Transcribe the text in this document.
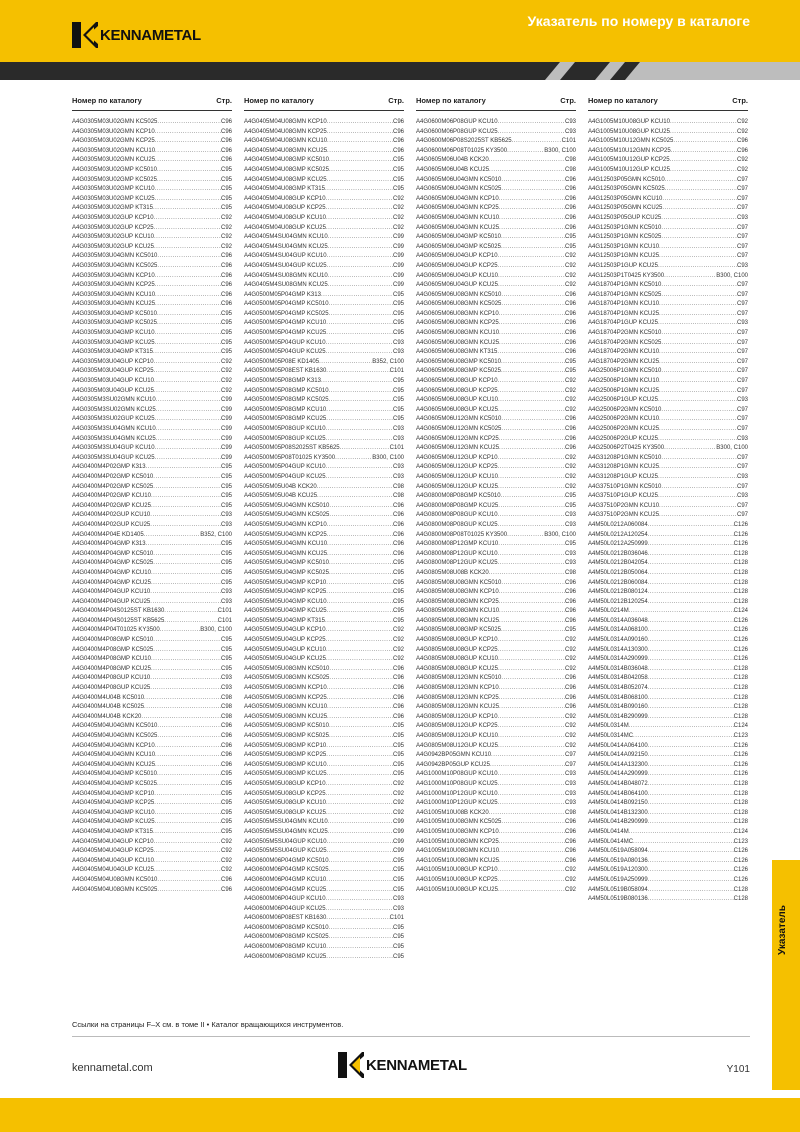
KENNAMETAL
Указатель по номеру в каталоге
Номер по каталогу	Стр.
A4G0305M03U02GMN KC5025 .....	C96
A4G0305M03U02GMN KCP10 .....	C96
A4G0305M03U02GMN KCP25 .....	C96
A4G0305M03U02GMN KCU10 .....	C96
A4G0305M03U02GMN KCU25 .....	C96
A4G0305M03U02GMP KC5010 .....	C95
A4G0305M03U02GMP KC5025 .....	C95
A4G0305M03U02GMP KCU10 .....	C95
A4G0305M03U02GMP KCU25 .....	C95
A4G0305M03U02GMP KT315 .....	C95
A4G0305M03U02GUP KCP10 .....	C92
A4G0305M03U02GUP KCP25 .....	C92
A4G0305M03U02GUP KCU10 .....	C92
A4G0305M03U02GUP KCU25 .....	C92
A4G0305M03U04GMN KC5010 .....	C96
A4G0305M03U04GMN KC5025 .....	C96
A4G0305M03U04GMN KCP10 .....	C96
A4G0305M03U04GMN KCP25 .....	C96
A4G0305M03U04GMN KCU10 .....	C96
A4G0305M03U04GMN KCU25 .....	C96
A4G0305M03U04GMP KC5010 .....	C95
A4G0305M03U04GMP KC5025 .....	C95
A4G0305M03U04GMP KCU10 .....	C95
A4G0305M03U04GMP KCU25 .....	C95
A4G0305M03U04GMP KT315 .....	C95
A4G0305M03U04GUP KCP10 .....	C92
A4G0305M03U04GUP KCP25 .....	C92
A4G0305M03U04GUP KCU10 .....	C92
A4G0305M03U04GUP KCU25 .....	C92
A4G0305M3SU02GMN KCU10 .....	C99
A4G0305M3SU02GMN KCU25 .....	C99
A4G0305M3SU02GUP KCU25 .....	C99
A4G0305M3SU04GMN KCU10 .....	C99
A4G0305M3SU04GMN KCU25 .....	C99
A4G0305M3SU04GUP KCU10 .....	C99
A4G0305M3SU04GUP KCU25 .....	C99
A4G0400M4P02GMP K313 .....	C95
A4G0400M4P02GMP KC5010 .....	C95
A4G0400M4P02GMP KC5025 .....	C95
A4G0400M4P02GMP KCU10 .....	C95
A4G0400M4P02GMP KCU25 .....	C95
A4G0400M4P02GUP KCU10 .....	C93
A4G0400M4P02GUP KCU25 .....	C93
A4G0400M4P04E KD1405 .....	B352, C100
A4G0400M4P04GMP K313 .....	C95
A4G0400M4P04GMP KC5010 .....	C95
A4G0400M4P04GMP KC5025 .....	C95
A4G0400M4P04GMP KCU10 .....	C95
A4G0400M4P04GMP KCU25 .....	C95
A4G0400M4P04GUP KCU10 .....	C93
A4G0400M4P04GUP KCU25 .....	C93
A4G0400M4P04S0125ST KB1630 .....	C101
A4G0400M4P04S0125ST KB5625 .....	C101
A4G0400M4P04T01025 KY3500 .....	B300, C100
A4G0400M4P08GMP KC5010 .....	C95
A4G0400M4P08GMP KC5025 .....	C95
A4G0400M4P08GMP KCU10 .....	C95
A4G0400M4P08GMP KCU25 .....	C95
A4G0400M4P08GUP KCU10 .....	C93
A4G0400M4P08GUP KCU25 .....	C93
A4G0400M4U04B KC5010 .....	C98
A4G0400M4U04B KC5025 .....	C98
A4G0400M4U04B KCK20 .....	C98
A4G0405M04U04GMN KC5010 .....	C96
A4G0405M04U04GMN KC5025 .....	C96
A4G0405M04U04GMN KCP10 .....	C96
A4G0405M04U04GMN KCU10 .....	C96
A4G0405M04U04GMN KCU25 .....	C96
A4G0405M04U04GMP KC5010 .....	C95
A4G0405M04U04GMP KC5025 .....	C95
A4G0405M04U04GMP KCP10 .....	C95
A4G0405M04U04GMP KCP25 .....	C95
A4G0405M04U04GMP KCU10 .....	C95
A4G0405M04U04GMP KCU25 .....	C95
A4G0405M04U04GMP KT315 .....	C95
A4G0405M04U04GUP KCP10 .....	C92
A4G0405M04U04GUP KCP25 .....	C92
A4G0405M04U04GUP KCU10 .....	C92
A4G0405M04U04GUP KCU25 .....	C92
A4G0405M04U08GMN KC5010 .....	C96
A4G0405M04U08GMN KC5025 .....	C96
Номер по каталогу	Стр.
A4G0405M04U08GMN KCP10 .....	C96
A4G0405M04U08GMN KCP25 .....	C96
A4G0405M04U08GMN KCU10 .....	C96
A4G0405M04U08GMN KCU25 .....	C96
A4G0405M04U08GMP KC5010 .....	C95
A4G0405M04U08GMP KC5025 .....	C95
A4G0405M04U08GMP KCU25 .....	C95
A4G0405M04U08GMP KT315 .....	C95
A4G0405M04U08GUP KCP10 .....	C92
A4G0405M04U08GUP KCP25 .....	C92
A4G0405M04U08GUP KCU10 .....	C92
A4G0405M04U08GUP KCU25 .....	C92
A4G0405M4SU04GMN KCU10 .....	C99
A4G0405M4SU04GMN KCU25 .....	C99
A4G0405M4SU04GUP KCU10 .....	C99
A4G0405M4SU04GUP KCU25 .....	C99
A4G0405M4SU08GMN KCU10 .....	C99
A4G0405M4SU08GMN KCU25 .....	C99
A4G0500M05P04GMP K313 .....	C95
A4G0500M05P04GMP KC5010 .....	C95
A4G0500M05P04GMP KC5025 .....	C95
A4G0500M05P04GMP KCU10 .....	C95
A4G0500M05P04GMP KCU25 .....	C95
A4G0500M05P04GUP KCU10 .....	C93
A4G0500M05P04GUP KCU25 .....	C93
A4G0500M05P08E KD1405 .....	B352, C100
A4G0500M05P08EST KB1630 .....	C101
A4G0500M05P08GMP K313 .....	C95
A4G0500M05P08GMP KC5010 .....	C95
A4G0500M05P08GMP KC5025 .....	C95
A4G0500M05P08GMP KCU10 .....	C95
A4G0500M05P08GMP KCU25 .....	C95
A4G0500M05P08GUP KCU10 .....	C93
A4G0500M05P08GUP KCU25 .....	C93
A4G0500M05P08S2025ST KB5625 .....	C101
A4G0500M05P08T01025 KY3500 .....	B300, C100
A4G0500M05P04GUP KCU10 .....	C93
A4G0500M05P04GUP KCU25 .....	C93
A4G0505M05U04B KCK20 .....	C98
A4G0505M05U04B KCU25 .....	C98
A4G0505M05U04GMN KC5010 .....	C96
A4G0505M05U04GMN KC5025 .....	C96
A4G0505M05U04GMN KCP10 .....	C96
A4G0505M05U04GMN KCP25 .....	C96
A4G0505M05U04GMN KCU10 .....	C96
A4G0505M05U04GMN KCU25 .....	C96
A4G0505M05U04GMP KC5010 .....	C95
A4G0505M05U04GMP KC5025 .....	C95
A4G0505M05U04GMP KCP10 .....	C95
A4G0505M05U04GMP KCP25 .....	C95
A4G0505M05U04GMP KCU10 .....	C95
A4G0505M05U04GMP KCU25 .....	C95
A4G0505M05U04GMP KT315 .....	C95
A4G0505M05U04GUP KCP10 .....	C92
A4G0505M05U04GUP KCP25 .....	C92
A4G0505M05U04GUP KCU10 .....	C92
A4G0505M05U04GUP KCU25 .....	C92
A4G0505M05U08GMN KC5010 .....	C96
A4G0505M05U08GMN KC5025 .....	C96
A4G0505M05U08GMN KCP10 .....	C96
A4G0505M05U08GMN KCP25 .....	C96
A4G0505M05U08GMN KCU10 .....	C96
A4G0505M05U08GMN KCU25 .....	C96
A4G0505M05U08GMP KC5010 .....	C95
A4G0505M05U08GMP KC5025 .....	C95
A4G0505M05U08GMP KCP10 .....	C95
A4G0505M05U08GMP KCP25 .....	C95
A4G0505M05U08GMP KCU10 .....	C95
A4G0505M05U08GMP KCU25 .....	C95
A4G0505M05U08GUP KCP10 .....	C92
A4G0505M05U08GUP KCP25 .....	C92
A4G0505M05U08GUP KCU10 .....	C92
A4G0505M05U08GUP KCU25 .....	C92
A4G0505M5SU04GMN KCU10 .....	C99
A4G0505M5SU04GMN KCU25 .....	C99
A4G0505M5SU04GUP KCU10 .....	C99
A4G0505M5SU04GUP KCU25 .....	C99
A4G0600M06P04GMP KC5010 .....	C95
A4G0600M06P04GMP KC5025 .....	C95
A4G0600M06P04GMP KCU10 .....	C95
A4G0600M06P04GMP KCU25 .....	C95
A4G0600M06P04GUP KCU10 .....	C93
A4G0600M06P04GUP KCU25 .....	C93
A4G0600M06P08EST KB1630 .....	C101
A4G0600M06P08GMP KC5010 .....	C95
A4G0600M06P08GMP KC5025 .....	C95
A4G0600M06P08GMP KCU10 .....	C95
A4G0600M06P08GMP KCU25 .....	C95
Номер по каталогу	Стр.
A4G0600M06P08GUP KCU10 .....	C93
A4G0600M06P08GUP KCU25 .....	C93
A4G0600M06P08S2025ST KB5625 .....	C101
A4G0600M06P08T01025 KY3500 .....	B300, C100
A4G0605M06U04B KCK20 .....	C98
A4G0605M06U04B KCU25 .....	C98
A4G0605M06U04GMN KC5010 .....	C96
A4G0605M06U04GMN KC5025 .....	C96
A4G0605M06U04GMN KCP10 .....	C96
A4G0605M06U04GMN KCP25 .....	C96
A4G0605M06U04GMN KCU10 .....	C96
A4G0605M06U04GMN KCU25 .....	C96
A4G0605M06U04GMP KC5010 .....	C95
A4G0605M06U04GMP KC5025 .....	C95
A4G0605M06U04GUP KCP10 .....	C92
A4G0605M06U04GUP KCP25 .....	C92
A4G0605M06U04GUP KCU10 .....	C92
A4G0605M06U04GUP KCU25 .....	C92
A4G0605M06U08GMN KC5010 .....	C96
A4G0605M06U08GMN KC5025 .....	C96
A4G0605M06U08GMN KCP10 .....	C96
A4G0605M06U08GMN KCP25 .....	C96
A4G0605M06U08GMN KCU10 .....	C96
A4G0605M06U08GMN KCU25 .....	C96
A4G0605M06U08GMN KT315 .....	C96
A4G0605M06U08GMP KC5010 .....	C95
A4G0605M06U08GMP KC5025 .....	C95
A4G0605M06U08GUP KCP10 .....	C92
A4G0605M06U08GUP KCP25 .....	C92
A4G0605M06U08GUP KCU10 .....	C92
A4G0605M06U08GUP KCU25 .....	C92
A4G0605M06U12GMN KC5010 .....	C96
A4G0605M06U12GMN KC5025 .....	C96
A4G0605M06U12GMN KCP25 .....	C96
A4G0605M06U12GMN KCU25 .....	C96
A4G0605M06U12GUP KCP10 .....	C92
A4G0605M06U12GUP KCP25 .....	C92
A4G0605M06U12GUP KCU10 .....	C92
A4G0605M06U12GUP KCU25 .....	C92
A4G0800M08P08GMP KC5010 .....	C95
A4G0800M08P08GMP KCU25 .....	C95
A4G0800M08P08GUP KCU10 .....	C93
A4G0800M08P08GUP KCU25 .....	C93
A4G0800M08P08T01025 KY3500 .....	B300, C100
A4G0800M08P12GMP KCU10 .....	C95
A4G0800M08P12GUP KCU10 .....	C93
A4G0800M08P12GUP KCU25 .....	C93
A4G0805M08U08B KCK20 .....	C98
A4G0805M08U08GMN KC5010 .....	C96
A4G0805M08U08GMN KCP10 .....	C96
A4G0805M08U08GMN KCP25 .....	C96
A4G0805M08U08GMN KCU10 .....	C96
A4G0805M08U08GMN KCU25 .....	C96
A4G0805M08U08GMP KC5025 .....	C95
A4G0805M08U08GUP KCP10 .....	C92
A4G0805M08U08GUP KCP25 .....	C92
A4G0805M08U08GUP KCU10 .....	C92
A4G0805M08U08GUP KCU25 .....	C92
A4G0805M08U12GMN KC5010 .....	C96
A4G0805M08U12GMN KCP10 .....	C96
A4G0805M08U12GMN KCP25 .....	C96
A4G0805M08U12GMN KCU25 .....	C96
A4G0805M08U12GUP KCP10 .....	C92
A4G0805M08U12GUP KCP25 .....	C92
A4G0805M08U12GUP KCU10 .....	C92
A4G0805M08U12GUP KCU25 .....	C92
A4G0942BP05GMN KCU10 .....	C97
A4G0942BP05GUP KCU25 .....	C97
A4G1000M10P08GUP KCU10 .....	C93
A4G1000M10P08GUP KCU25 .....	C93
A4G1000M10P12GUP KCU10 .....	C93
A4G1000M10P12GUP KCU25 .....	C93
A4G1005M10U08B KCK20 .....	C98
A4G1005M10U08GMN KC5025 .....	C96
A4G1005M10U08GMN KCP10 .....	C96
A4G1005M10U08GMN KCP25 .....	C96
A4G1005M10U08GMN KCU10 .....	C96
A4G1005M10U08GMN KCU25 .....	C96
A4G1005M10U08GUP KCP10 .....	C92
A4G1005M10U08GUP KCP25 .....	C92
A4G1005M10U08GUP KCU25 .....	C92
Номер по каталогу	Стр.
A4G1005M10U08GUP KCU10 .....	C92
A4G1005M10U08GUP KCU25 .....	C92
A4G1005M10U12GMN KC5025 .....	C96
A4G1005M10U12GMN KCP25 .....	C96
A4G1005M10U12GUP KCP25 .....	C92
A4G1005M10U12GUP KCU25 .....	C92
A4G12503P05GMN KC5010 .....	C97
A4G12503P05GMN KC5025 .....	C97
A4G12503P05GMN KCU10 .....	C97
A4G12503P05GMN KCU25 .....	C97
A4G12503P05GUP KCU25 .....	C93
A4G12503P1GMN KC5010 .....	C97
A4G12503P1GMN KC5025 .....	C97
A4G12503P1GMN KCU10 .....	C97
A4G12503P1GMN KCU25 .....	C97
A4G12503P1GUP KCU25 .....	C93
A4G12503P1T0425 KY3500 .....	B300, C100
A4G18704P1GMN KC5010 .....	C97
A4G18704P1GMN KC5025 .....	C97
A4G18704P1GMN KCU10 .....	C97
A4G18704P1GMN KCU25 .....	C97
A4G18704P1GUP KCU25 .....	C93
A4G18704P2GMN KC5010 .....	C97
A4G18704P2GMN KC5025 .....	C97
A4G18704P2GMN KCU10 .....	C97
A4G18704P2GMN KCU25 .....	C97
A4G25006P1GMN KC5010 .....	C97
A4G25006P1GMN KCU10 .....	C97
A4G25006P1GMN KCU25 .....	C97
A4G25006P1GUP KCU25 .....	C93
A4G25006P2GMN KC5010 .....	C97
A4G25006P2GMN KCU10 .....	C97
A4G25006P2GMN KCU25 .....	C97
A4G25006P2GUP KCU25 .....	C93
A4G25006P2T0425 KY3500 .....	B300, C100
A4G31208P1GMN KC5010 .....	C97
A4G31208P1GMN KCU25 .....	C97
A4G31208P1GUP KCU25 .....	C93
A4G37510P1GMN KC5010 .....	C97
A4G37510P1GUP KCU25 .....	C93
A4G37510P2GMN KCU10 .....	C97
A4G37510P2GMN KCU25 .....	C97
A4M50L0212A060084 .....	C126
A4M50L0212A120254 .....	C126
A4M50L0212A250999 .....	C126
A4M50L0212B036046 .....	C128
A4M50L0212B042054 .....	C128
A4M50L0212B050064 .....	C128
A4M50L0212B060084 .....	C128
A4M50L0212B080124 .....	C128
A4M50L0212B120254 .....	C128
A4M50L0214M .....	C124
A4M50L0314A036048 .....	C126
A4M50L0314A068100 .....	C126
A4M50L0314A090160 .....	C126
A4M50L0314A130300 .....	C126
A4M50L0314A290999 .....	C126
A4M50L0314B036048 .....	C128
A4M50L0314B042058 .....	C128
A4M50L0314B052074 .....	C128
A4M50L0314B068100 .....	C128
A4M50L0314B090160 .....	C128
A4M50L0314B290999 .....	C128
A4M50L0314M .....	C124
A4M50L0314MC .....	C123
A4M50L0414A064100 .....	C126
A4M50L0414A092150 .....	C126
A4M50L0414A132300 .....	C126
A4M50L0414A290999 .....	C126
A4M50L0414B048072 .....	C128
A4M50L0414B064100 .....	C128
A4M50L0414B092150 .....	C128
A4M50L0414B132300 .....	C128
A4M50L0414B290999 .....	C128
A4M50L0414M .....	C124
A4M50L0414MC .....	C123
A4M50L0519A058094 .....	C126
A4M50L0519A080136 .....	C126
A4M50L0519A120300 .....	C126
A4M50L0519A250999 .....	C126
A4M50L0519B058094 .....	C128
A4M50L0519B080136 .....	C128
Указатель
Ссылки на страницы F–X см. в томе II • Каталог вращающихся инструментов.
kennametal.com	KENNAMETAL	Y101
